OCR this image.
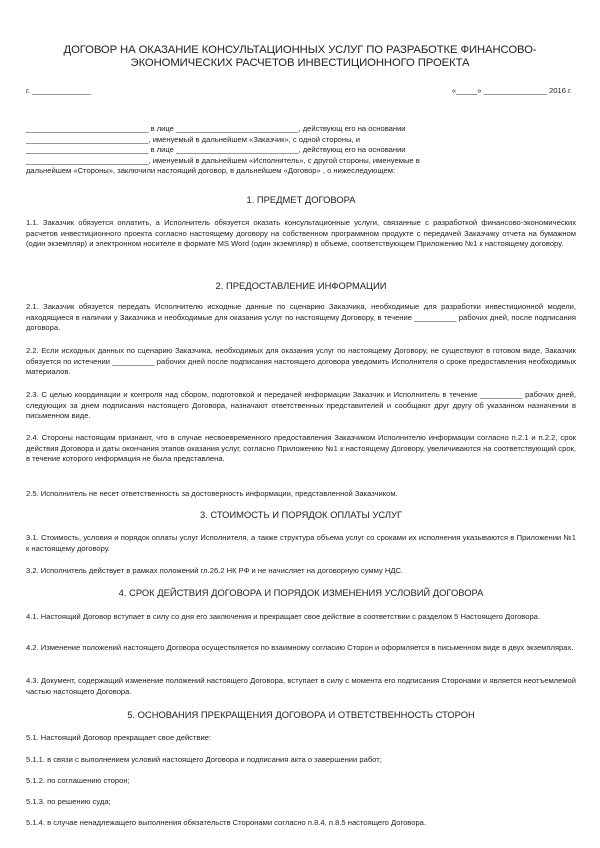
ДОГОВОР НА ОКАЗАНИЕ КОНСУЛЬТАЦИОННЫХ УСЛУГ ПО РАЗРАБОТКЕ ФИНАНСОВО-
ЭКОНОМИЧЕСКИХ РАСЧЕТОВ ИНВЕСТИЦИОННОГО ПРОЕКТА
г. ______________	«_____» _______________ 2016 г.
_____________________________ в лице _____________________________, действующ его на основании
_____________________________, именуемый в дальнейшем «Заказчик», с одной стороны, и
_____________________________ в лице _____________________________, действующ его на основании
_____________________________, именуемый в дальнейшем «Исполнитель», с другой стороны, именуемые в
дальнейшем «Стороны», заключили настоящий договор, в дальнейшем «Договор» , о нижеследующем:
1. ПРЕДМЕТ ДОГОВОРА
1.1. Заказчик обязуется оплатить, а Исполнитель обязуется оказать консультационные услуги, связанные с разработкой финансово-экономических расчетов инвестиционного проекта согласно настоящему договору на собственном программном продукте с передачей Заказчику отчета на бумажном (один экземпляр) и электронном носителе в формате MS Word (один экземпляр) в объеме, соответствующем Приложению №1 к настоящему договору.
2. ПРЕДОСТАВЛЕНИЕ ИНФОРМАЦИИ
2.1. Заказчик обязуется передать Исполнителю исходные данные по сценарию Заказчика, необходимые для разработки инвестиционной модели, находящиеся в наличии у Заказчика и необходимые для оказания услуг по настоящему Договору, в течение __________ рабочих дней, после подписания договора.
2.2. Если исходных данных по сценарию Заказчика, необходимых для оказания услуг по настоящему Договору, не существуют в готовом виде, Заказчик обязуется по истечении __________ рабочих дней после подписания настоящего договора уведомить Исполнителя о сроке предоставления необходимых материалов.
2.3. С целью координации и контроля над сбором, подготовкой и передачей информации Заказчик и Исполнитель в течение __________ рабочих дней, следующих за днем подписания настоящего Договора, назначают ответственных представителей и сообщают друг другу об указанном назначении в письменном виде.
2.4. Стороны настоящим признают, что в случае несвоевременного предоставления Заказчиком Исполнителю информации согласно п.2.1 и п.2.2, срок действия Договора и даты окончания этапов оказания услуг, согласно Приложению №1 к настоящему Договору, увеличиваются на соответствующий срок, в течение которого информация не была представлена.
2.5. Исполнитель не несет ответственность за достоверность информации, представленной Заказчиком.
3. СТОИМОСТЬ И ПОРЯДОК ОПЛАТЫ УСЛУГ
3.1. Стоимость, условия и порядок оплаты услуг Исполнителя, а также структура объема услуг со сроками их исполнения указываются в Приложении №1 к настоящему договору.
3.2. Исполнитель действует в рамках положений гл.26.2 НК РФ и не начисляет на договорную сумму НДС.
4. СРОК ДЕЙСТВИЯ ДОГОВОРА И ПОРЯДОК ИЗМЕНЕНИЯ УСЛОВИЙ ДОГОВОРА
4.1. Настоящий Договор вступает в силу со дня его заключения и прекращает свое действие в соответствии с разделом 5 Настоящего Договора.
4.2. Изменение положений настоящего Договора осуществляется по взаимному согласию Сторон и оформляется в письменном виде в двух экземплярах.
4.3. Документ, содержащий изменение положений настоящего Договора, вступает в силу с момента его подписания Сторонами и является неотъемлемой частью настоящего Договора.
5. ОСНОВАНИЯ ПРЕКРАЩЕНИЯ ДОГОВОРА И ОТВЕТСТВЕННОСТЬ СТОРОН
5.1. Настоящий Договор прекращает свое действие:
5.1.1. в связи с выполнением условий настоящего Договора и подписания акта о завершении работ;
5.1.2. по соглашению сторон;
5.1.3. по решению суда;
5.1.4. в случае ненадлежащего выполнения обязательств Сторонами согласно п.8.4, п.8.5 настоящего Договора.
